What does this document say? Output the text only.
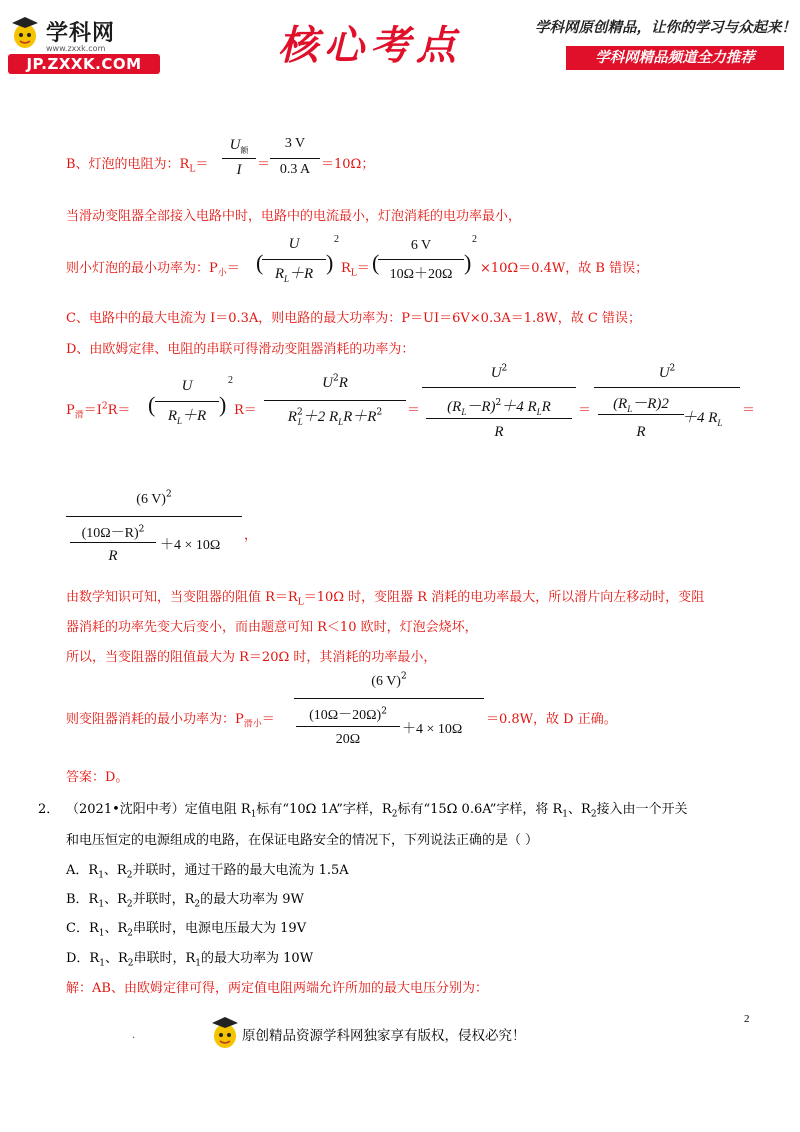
学科网
www.zxxk.com
JP.ZXXK.COM	核心考点	学科网原创精品，让你的学习与众起来！
学科网精品频道全力推荐
B、灯泡的电阻为：$R_L=$
$U_额$
I	＝
3 V
0.3 A ＝10Ω；
当滑动变阻器全部接入电路中时，电路中的电流最小，灯泡消耗的电功率最小，
则小灯泡的最小功率为：$P_小=$ (
U
$R_L+R$ )
2
$R_L=$ (
6 V
10Ω＋20Ω )
2
×10Ω＝0.4W，故 B 错误；
C、电路中的最大电流为 I＝0.3A，则电路的最大功率为：P＝UI＝6V×0.3A＝1.8W，故 C 错误；
D、由欧姆定律、电阻的串联可得滑动变阻器消耗的功率为：
$P_滑=I^2R=$ (
U
$R_L+R$ )
2
R＝
$U^2R$
$R^2_L+2$ $R_LR+R^2$	＝
$U^2$
$(R_L-R)^2+4$ $R_LR$
R
＝
$U^2$
$(R_L-R)2$
R
＋4 $R_L$
＝
(6 V)$^2$
$(10\Omega-R)^2$
R
＋4 × 10Ω
，
由数学知识可知，当变阻器的阻值 $R=R_L=10\Omega$ 时，变阻器 R 消耗的电功率最大，所以滑片向左移动时，变阻
器消耗的功率先变大后变小，而由题意可知 R＜10 欧时，灯泡会烧坏，
所以，当变阻器的阻值最大为 R＝20Ω 时，其消耗的功率最小，
则变阻器消耗的最小功率为：$P_{滑小}=$
(6 V)$^2$
$(10\Omega-20\Omega)^2$
20Ω
＋4 × 10Ω
＝0.8W，故 D 正确。
答案：D。
2． （2021•沈阳中考）定值电阻 $R_1$标有“10Ω 1A”字样，$R_2$标有“15Ω 0.6A”字样，将 $R_1$、$R_2$接入由一个开关
和电压恒定的电源组成的电路，在保证电路安全的情况下，下列说法正确的是（ ）
A．$R_1$、$R_2$并联时，通过干路的最大电流为 1.5A
B．$R_1$、$R_2$并联时，$R_2$的最大功率为 9W
C．$R_1$、$R_2$串联时，电源电压最大为 19V
D．$R_1$、$R_2$串联时，$R_1$的最大功率为 10W
解：AB、由欧姆定律可得，两定值电阻两端允许所加的最大电压分别为：
2
.	原创精品资源学科网独家享有版权，侵权必究！
